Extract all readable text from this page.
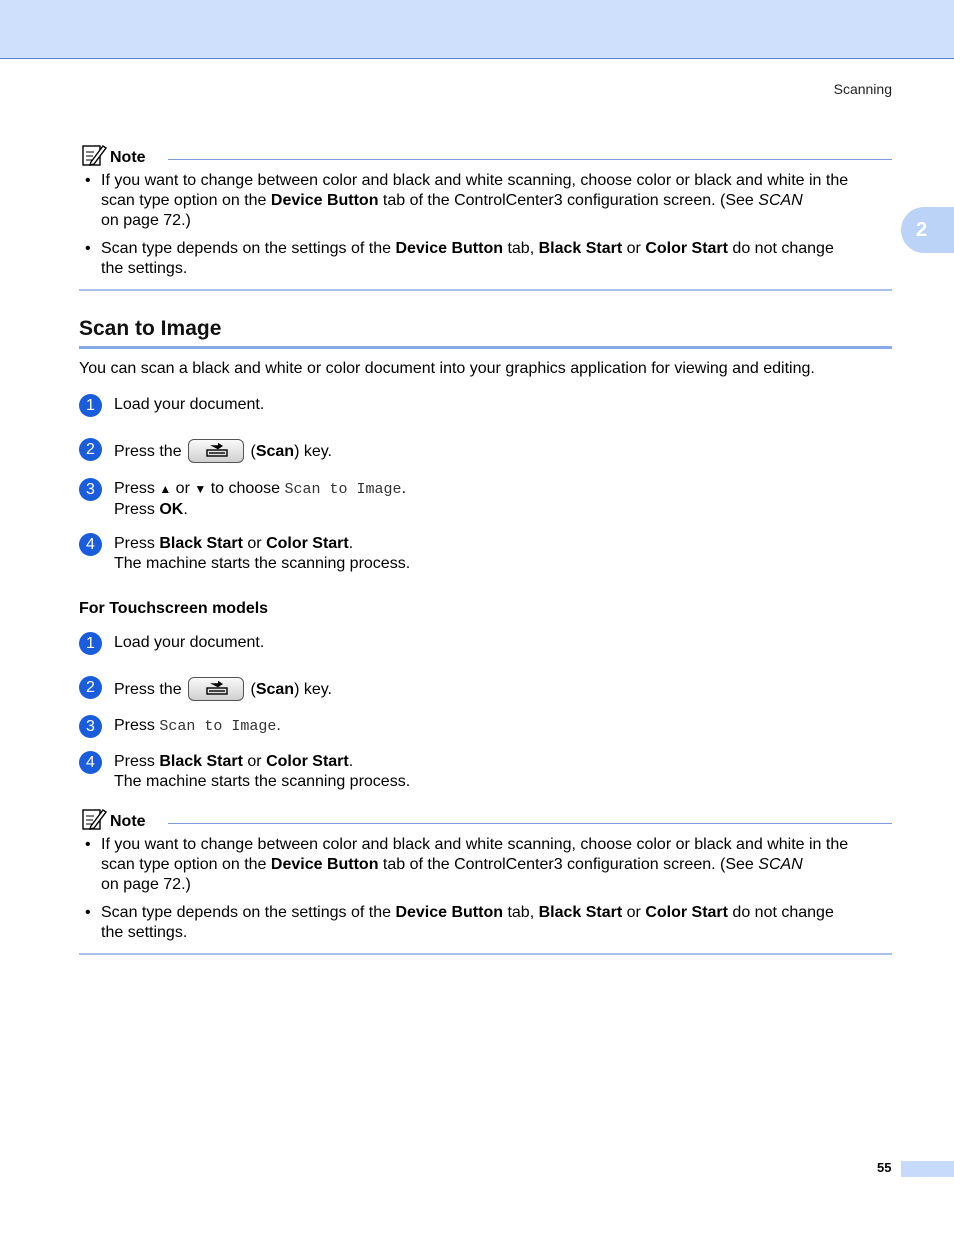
Scanning
2
Note
• If you want to change between color and black and white scanning, choose color or black and white in the
scan type option on the Device Button tab of the ControlCenter3 configuration screen. (See SCAN
on page 72.)
• Scan type depends on the settings of the Device Button tab, Black Start or Color Start do not change
the settings.
Scan to Image
You can scan a black and white or color document into your graphics application for viewing and editing.
1	Load your document.
2	Press the	(Scan) key.
3	Press ▲ or ▼ to choose Scan to Image.
Press OK.
4	Press Black Start or Color Start.
The machine starts the scanning process.
For Touchscreen models
1	Load your document.
2	Press the	(Scan) key.
3	Press Scan to Image.
4	Press Black Start or Color Start.
The machine starts the scanning process.
Note
• If you want to change between color and black and white scanning, choose color or black and white in the
scan type option on the Device Button tab of the ControlCenter3 configuration screen. (See SCAN
on page 72.)
• Scan type depends on the settings of the Device Button tab, Black Start or Color Start do not change
the settings.
55
